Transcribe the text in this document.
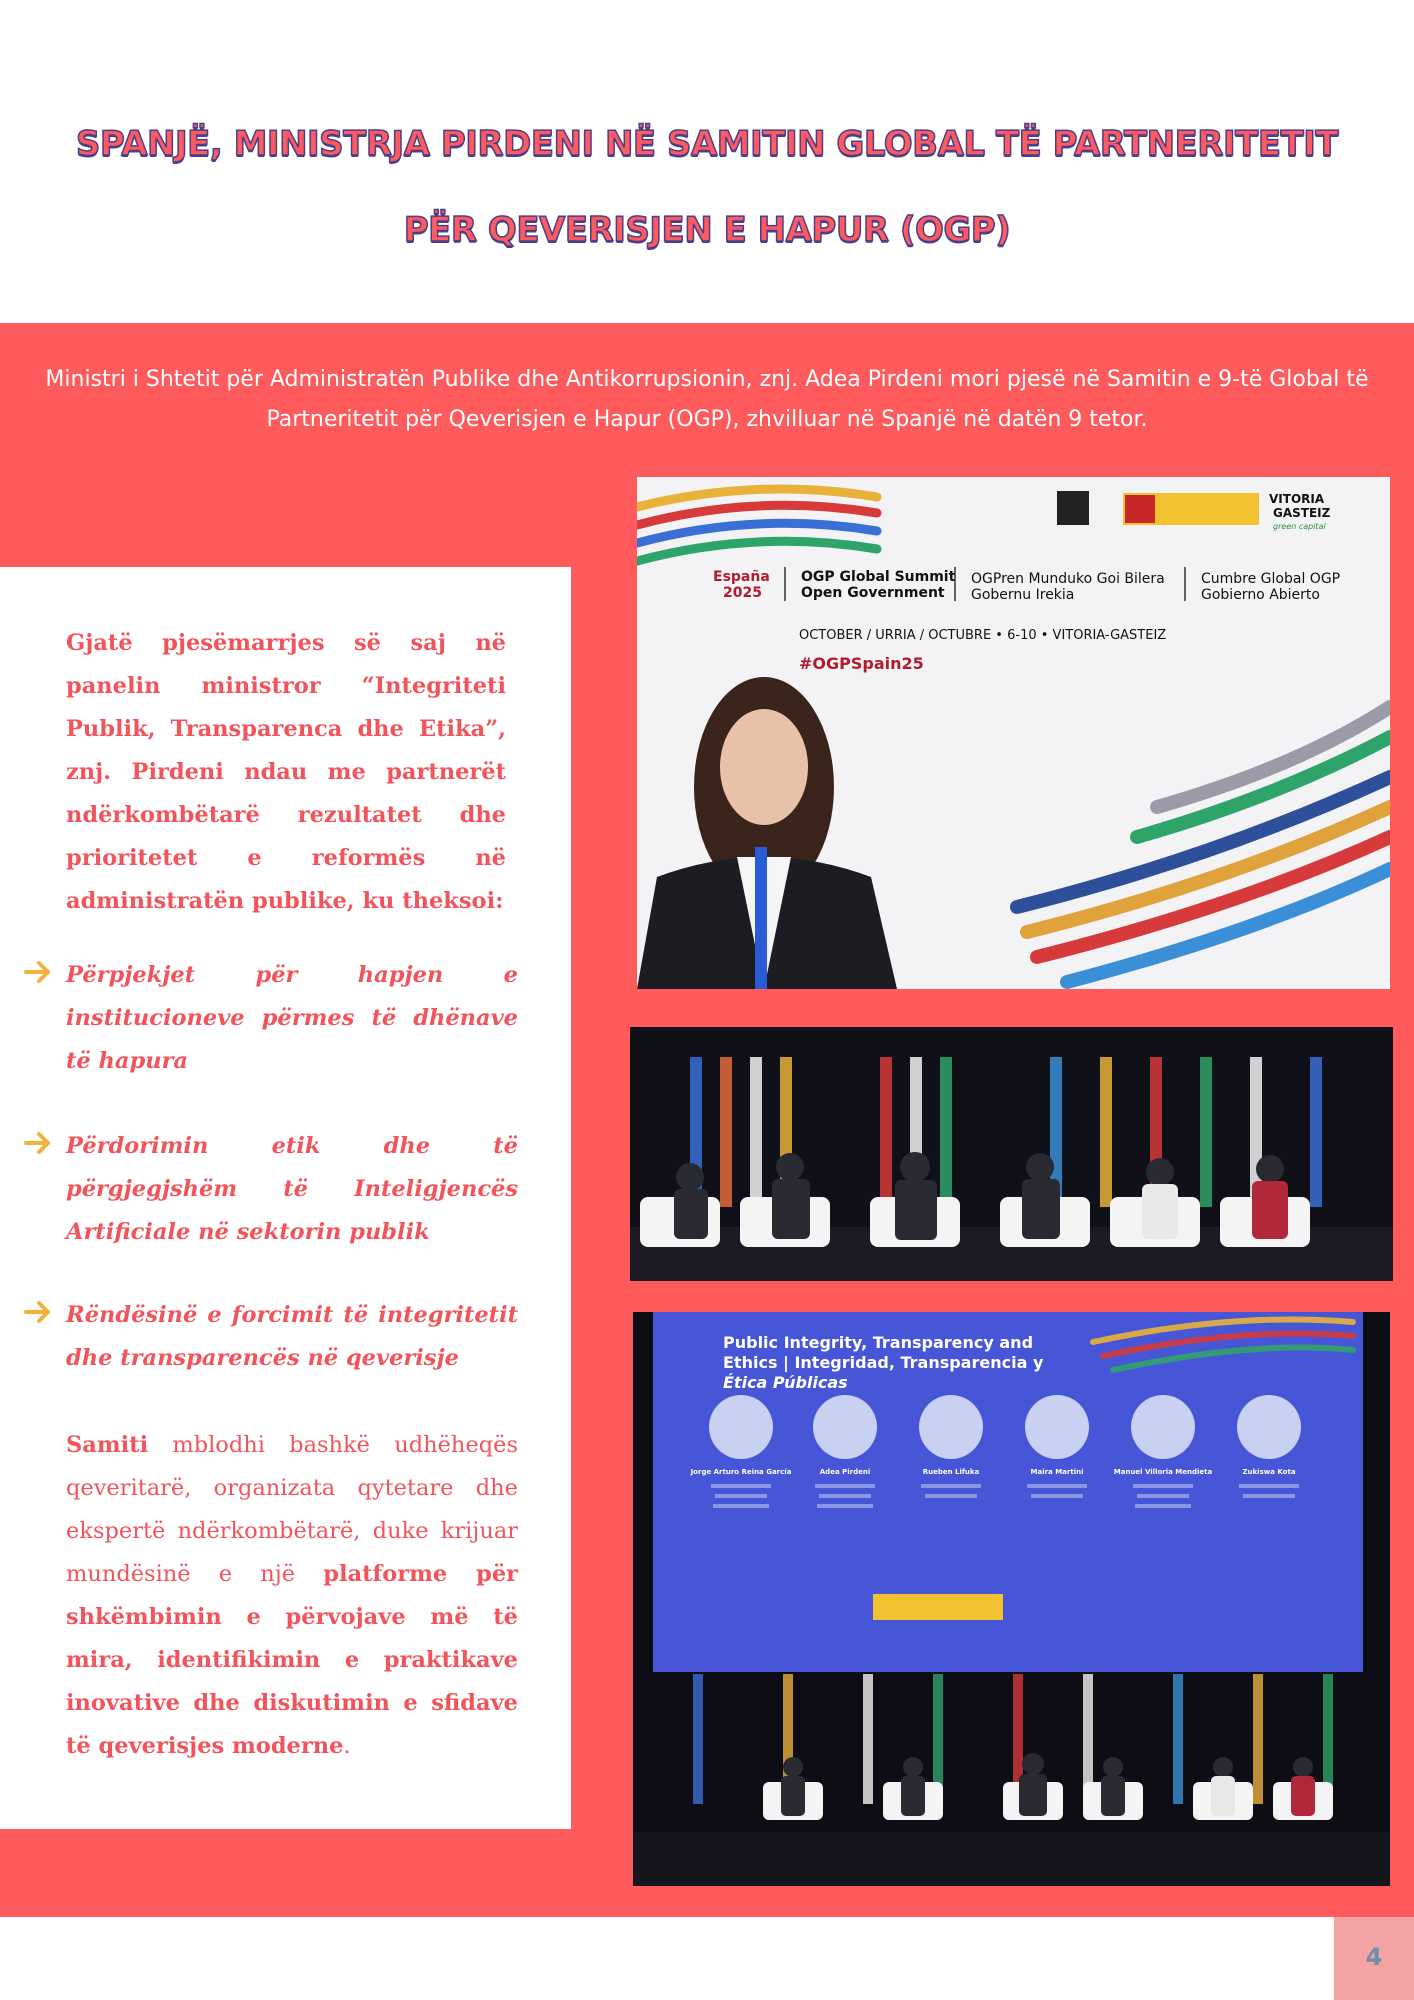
SPANJË, MINISTRJA PIRDENI NË SAMITIN GLOBAL TË PARTNERITETIT
PËR QEVERISJEN E HAPUR (OGP)
Ministri i Shtetit për Administratën Publike dhe Antikorrupsionin, znj. Adea Pirdeni mori pjesë në Samitin e 9-të Global të Partneritetit për Qeverisjen e Hapur (OGP), zhvilluar në Spanjë në datën 9 tetor.
Gjatë pjesëmarrjes së saj në panelin ministror “Integriteti Publik, Transparenca dhe Etika”, znj. Pirdeni ndau me partnerët ndërkombëtarë rezultatet dhe prioritetet e reformës në administratën publike, ku theksoi:
Përpjekjet për hapjen e institucioneve përmes të dhënave të hapura
Përdorimin etik dhe të përgjegjshëm të Inteligjencës Artificiale në sektorin publik
Rëndësinë e forcimit të integritetit dhe transparencës në qeverisje
Samiti mblodhi bashkë udhëheqës qeveritarë, organizata qytetare dhe ekspertë ndërkombëtarë, duke krijuar mundësinë e një platforme për shkëmbimin e përvojave më të mira, identifikimin e praktikave inovative dhe diskutimin e sfidave të qeverisjes moderne.
VITORIA
GASTEIZ
green capital
España
2025
OGP Global Summit
Open Government
OGPren Munduko Goi Bilera
Gobernu Irekia
Cumbre Global OGP
Gobierno Abierto
OCTOBER / URRIA / OCTUBRE • 6-10 • VITORIA-GASTEIZ
#OGPSpain25
Public Integrity, Transparency and
Ethics | Integridad, Transparencia y
Ética Públicas
Jorge Arturo Reina García	Adea Pirdeni	Rueben Lifuka	Maira Martini	Manuel Villoria Mendieta	Zukiswa Kota
www.dap.gov.al	4
